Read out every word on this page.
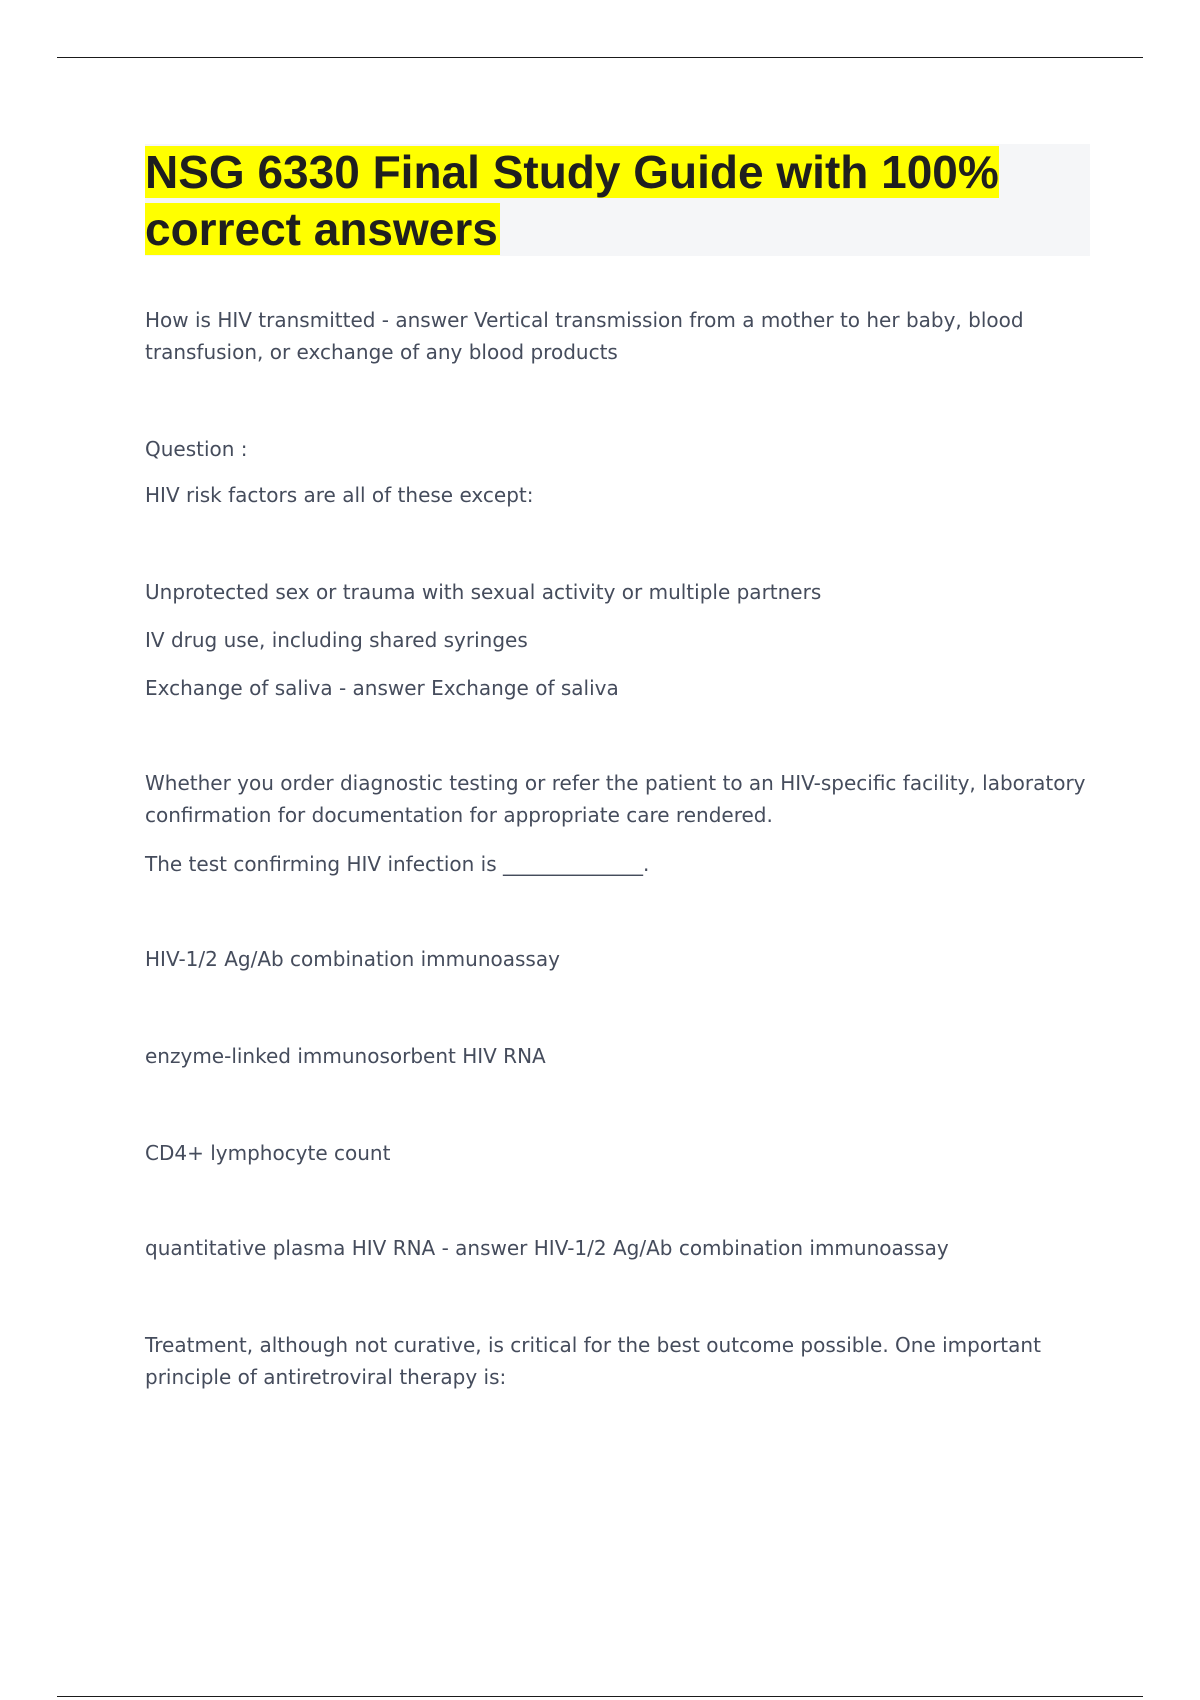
NSG 6330 Final Study Guide with 100% correct answers

How is HIV transmitted - answer Vertical transmission from a mother to her baby, blood transfusion, or exchange of any blood products

Question :

HIV risk factors are all of these except:

Unprotected sex or trauma with sexual activity or multiple partners

IV drug use, including shared syringes

Exchange of saliva - answer Exchange of saliva

Whether you order diagnostic testing or refer the patient to an HIV-specific facility, laboratory confirmation for documentation for appropriate care rendered.

The test confirming HIV infection is ______________.

HIV-1/2 Ag/Ab combination immunoassay

enzyme-linked immunosorbent HIV RNA

CD4+ lymphocyte count

quantitative plasma HIV RNA - answer HIV-1/2 Ag/Ab combination immunoassay

Treatment, although not curative, is critical for the best outcome possible. One important principle of antiretroviral therapy is:
